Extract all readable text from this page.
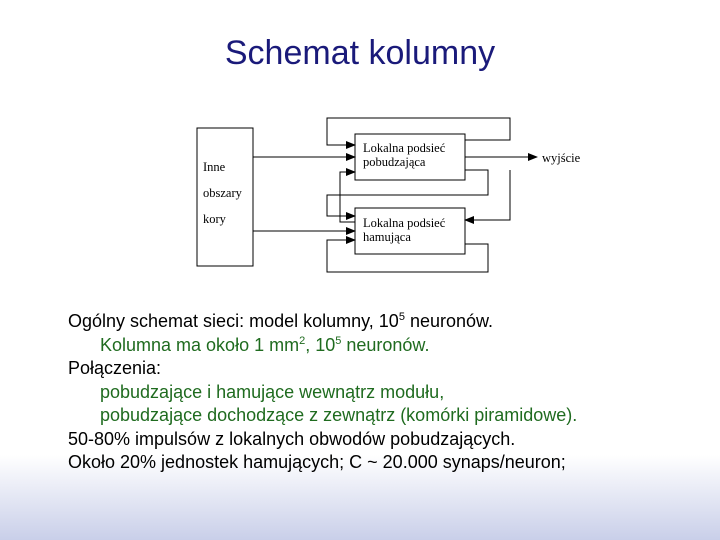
Schemat kolumny
Inne
obszary
kory
Lokalna podsieć
pobudzająca
Lokalna podsieć
hamująca
wyjście
Ogólny schemat sieci: model kolumny, $10^5$ neuronów.
Kolumna ma około 1 $mm^2$, $10^5$ neuronów.
Połączenia:
pobudzające i hamujące wewnątrz modułu,
pobudzające dochodzące z zewnątrz (komórki piramidowe).
50-80% impulsów z lokalnych obwodów pobudzających.
Około 20% jednostek hamujących; C ~ 20.000 synaps/neuron;
